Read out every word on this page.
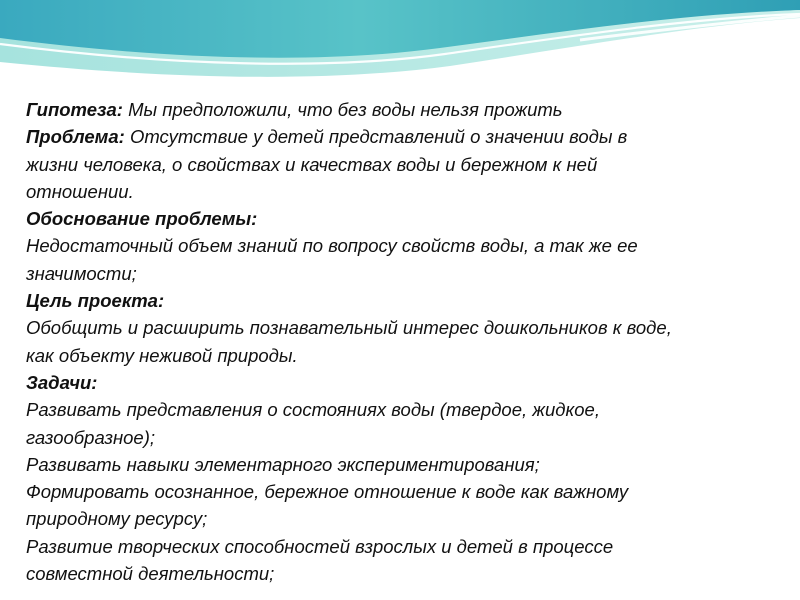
Гипотеза: Мы предположили, что без воды нельзя прожить
Проблема: Отсутствие у детей представлений о значении воды в
жизни человека, о свойствах и качествах воды и бережном к ней
отношении.
Обоснование проблемы:
Недостаточный объем знаний по вопросу свойств воды, а так же ее
значимости;
Цель проекта:
Обобщить и расширить познавательный интерес дошкольников к воде,
как объекту неживой природы.
Задачи:
Развивать представления о состояниях воды (твердое, жидкое,
газообразное);
Развивать навыки элементарного экспериментирования;
Формировать осознанное, бережное отношение к воде как важному
природному ресурсу;
Развитие творческих способностей взрослых и детей в процессе
совместной деятельности;
